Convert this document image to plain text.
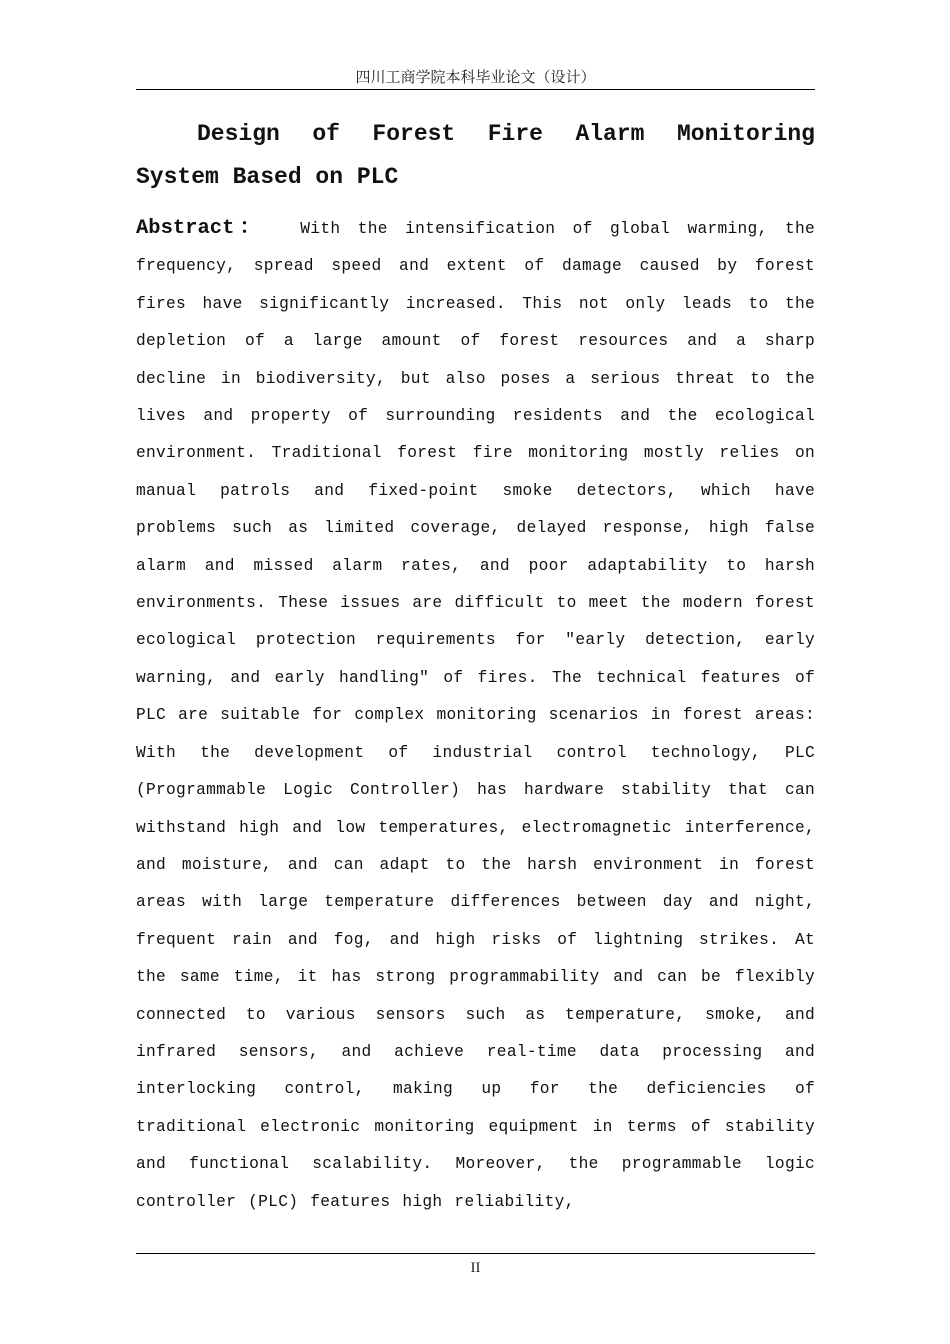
四川工商学院本科毕业论文（设计）
Design of Forest Fire Alarm Monitoring System Based on PLC

Abstract： With the intensification of global warming, the frequency, spread speed and extent of damage caused by forest fires have significantly increased. This not only leads to the depletion of a large amount of forest resources and a sharp decline in biodiversity, but also poses a serious threat to the lives and property of surrounding residents and the ecological environment. Traditional forest fire monitoring mostly relies on manual patrols and fixed-point smoke detectors, which have problems such as limited coverage, delayed response, high false alarm and missed alarm rates, and poor adaptability to harsh environments. These issues are difficult to meet the modern forest ecological protection requirements for "early detection, early warning, and early handling" of fires. The technical features of PLC are suitable for complex monitoring scenarios in forest areas: With the development of industrial control technology, PLC (Programmable Logic Controller) has hardware stability that can withstand high and low temperatures, electromagnetic interference, and moisture, and can adapt to the harsh environment in forest areas with large temperature differences between day and night, frequent rain and fog, and high risks of lightning strikes. At the same time, it has strong programmability and can be flexibly connected to various sensors such as temperature, smoke, and infrared sensors, and achieve real-time data processing and interlocking control, making up for the deficiencies of traditional electronic monitoring equipment in terms of stability and functional scalability. Moreover, the programmable logic controller (PLC) features high reliability,

II
